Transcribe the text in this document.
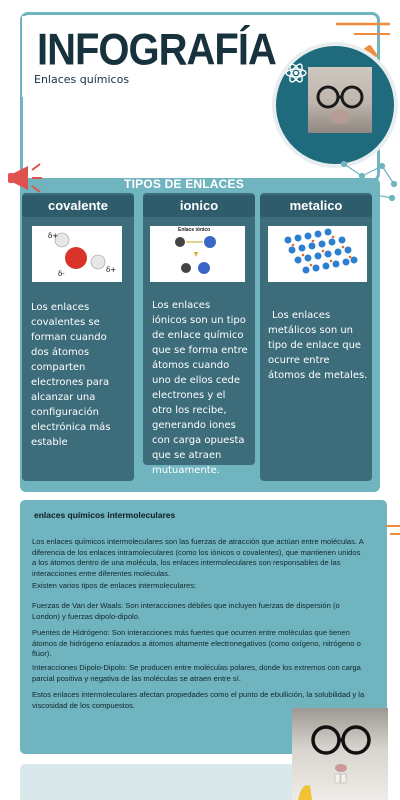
INFOGRAFÍA
Enlaces químicos
TIPOS DE ENLACES
covalente
δ+
δ+
δ-
Los enlaces covalentes se forman cuando dos átomos comparten electrones para alcanzar una configuración electrónica más estable
ionico
Enlace iónico
Los enlaces iónicos son un tipo de enlace químico que se forma entre átomos cuando uno de ellos cede electrones y el otro los recibe, generando iones con carga opuesta que se atraen mutuamente.
metalico
Los enlaces metálicos son un tipo de enlace que ocurre entre átomos de metales.
enlaces químicos intermoleculares
Los enlaces químicos intermoleculares son las fuerzas de atracción que actúan entre moléculas. A diferencia de los enlaces intramoleculares (como los iónicos o covalentes), que mantienen unidos a los átomos dentro de una molécula, los enlaces intermoleculares son responsables de las interacciones entre diferentes moléculas.
Existen varios tipos de enlaces intermoleculares:
Fuerzas de Van der Waals: Son interacciones débiles que incluyen fuerzas de dispersión (o London) y fuerzas dipolo-dipolo.
Puentes de Hidrógeno: Son interacciones más fuertes que ocurren entre moléculas que tienen átomos de hidrógeno enlazados a átomos altamente electronegativos (como oxígeno, nitrógeno o flúor).
Interacciones Dipolo-Dipolo: Se producen entre moléculas polares, donde los extremos con carga parcial positiva y negativa de las moléculas se atraen entre sí.
Estos enlaces intermoleculares afectan propiedades como el punto de ebullición, la solubilidad y la viscosidad de los compuestos.
